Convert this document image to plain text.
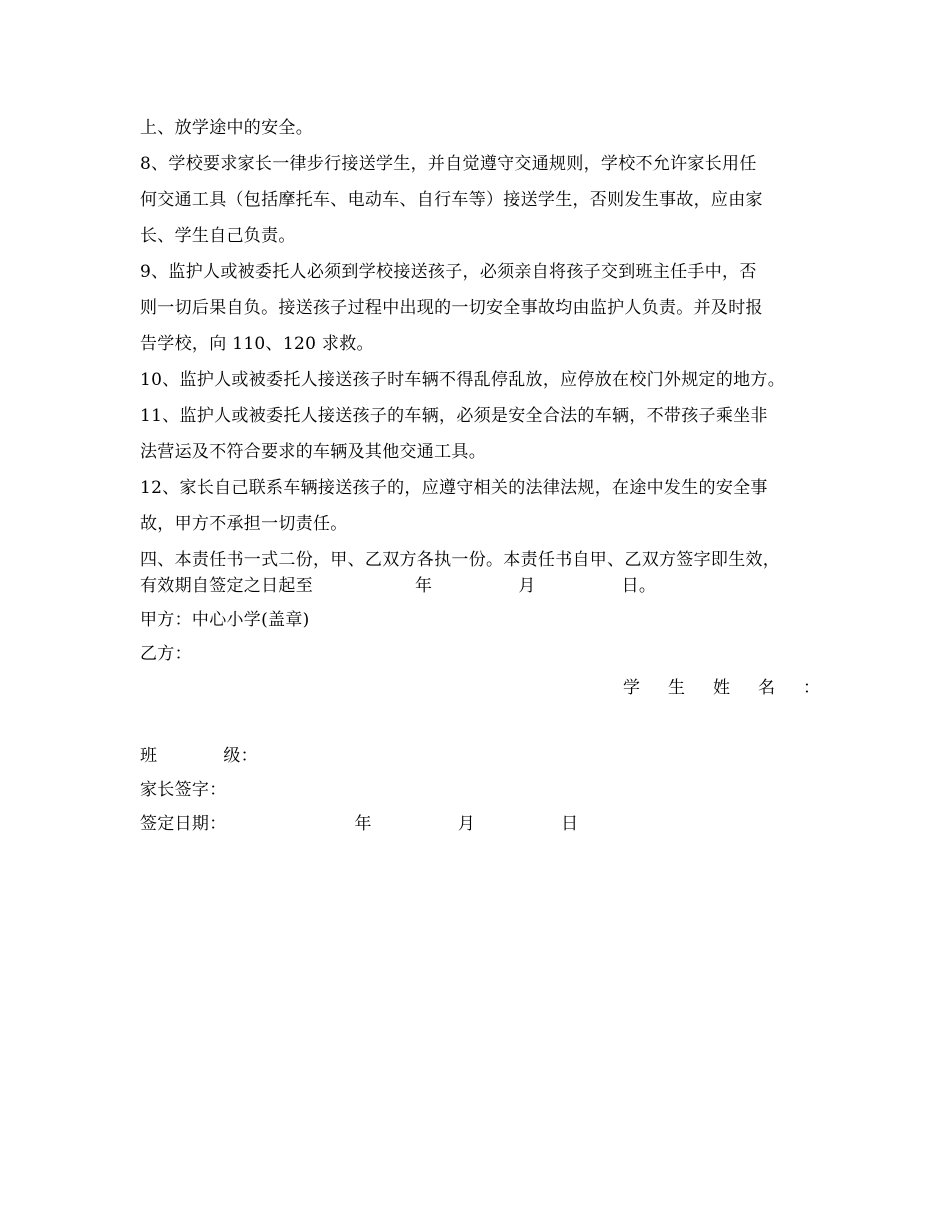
上、放学途中的安全。
8、学校要求家长一律步行接送学生，并自觉遵守交通规则，学校不允许家长用任
何交通工具（包括摩托车、电动车、自行车等）接送学生，否则发生事故，应由家
长、学生自己负责。
9、监护人或被委托人必须到学校接送孩子，必须亲自将孩子交到班主任手中，否
则一切后果自负。接送孩子过程中出现的一切安全事故均由监护人负责。并及时报
告学校，向 110、120 求救。
10、监护人或被委托人接送孩子时车辆不得乱停乱放，应停放在校门外规定的地方。
11、监护人或被委托人接送孩子的车辆，必须是安全合法的车辆，不带孩子乘坐非
法营运及不符合要求的车辆及其他交通工具。
12、家长自己联系车辆接送孩子的，应遵守相关的法律法规，在途中发生的安全事
故，甲方不承担一切责任。
四、本责任书一式二份，甲、乙双方各执一份。本责任书自甲、乙双方签字即生效，
有效期自签定之日起至	年	月	日。
甲方：中心小学(盖章)
乙方：
学 生 姓 名 ：
班	级：
家长签字：
签定日期：	年	月	日
